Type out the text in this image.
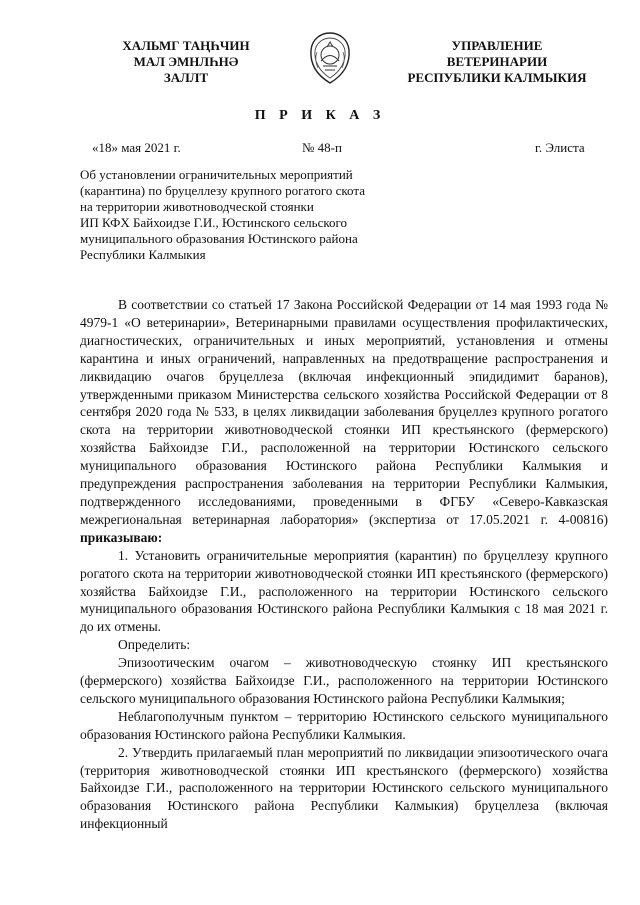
ХАЛЬМГ ТАҢҺЧИН
МАЛ ЭМНЛҺНӘ
ЗАЛЛТ
УПРАВЛЕНИЕ
ВЕТЕРИНАРИИ
РЕСПУБЛИКИ КАЛМЫКИЯ
П Р И К А З
«18» мая 2021 г.	№ 48-п	г. Элиста
Об установлении ограничительных мероприятий
(карантина) по бруцеллезу крупного рогатого скота
на территории животноводческой стоянки
ИП КФХ Байхоидзе Г.И., Юстинского сельского
муниципального образования Юстинского района
Республики Калмыкия

В соответствии со статьей 17 Закона Российской Федерации от 14 мая 1993 года № 4979-1 «О ветеринарии», Ветеринарными правилами осуществления профилактических, диагностических, ограничительных и иных мероприятий, установления и отмены карантина и иных ограничений, направленных на предотвращение распространения и ликвидацию очагов бруцеллеза (включая инфекционный эпидидимит баранов), утвержденными приказом Министерства сельского хозяйства Российской Федерации от 8 сентября 2020 года № 533, в целях ликвидации заболевания бруцеллез крупного рогатого скота на территории животноводческой стоянки ИП крестьянского (фермерского) хозяйства Байхоидзе Г.И., расположенной на территории Юстинского сельского муниципального образования Юстинского района Республики Калмыкия и предупреждения распространения заболевания на территории Республики Калмыкия, подтвержденного исследованиями, проведенными в ФГБУ «Северо-Кавказская межрегиональная ветеринарная лаборатория» (экспертиза от 17.05.2021 г. 4-00816) приказываю:

1. Установить ограничительные мероприятия (карантин) по бруцеллезу крупного рогатого скота на территории животноводческой стоянки ИП крестьянского (фермерского) хозяйства Байхоидзе Г.И., расположенного на территории Юстинского сельского муниципального образования Юстинского района Республики Калмыкия с 18 мая 2021 г. до их отмены.

Определить:

Эпизоотическим очагом – животноводческую стоянку ИП крестьянского (фермерского) хозяйства Байхоидзе Г.И., расположенного на территории Юстинского сельского муниципального образования Юстинского района Республики Калмыкия;

Неблагополучным пунктом – территорию Юстинского сельского муниципального образования Юстинского района Республики Калмыкия.

2. Утвердить прилагаемый план мероприятий по ликвидации эпизоотического очага (территория животноводческой стоянки ИП крестьянского (фермерского) хозяйства Байхоидзе Г.И., расположенного на территории Юстинского сельского муниципального образования Юстинского района Республики Калмыкия) бруцеллеза (включая инфекционный
